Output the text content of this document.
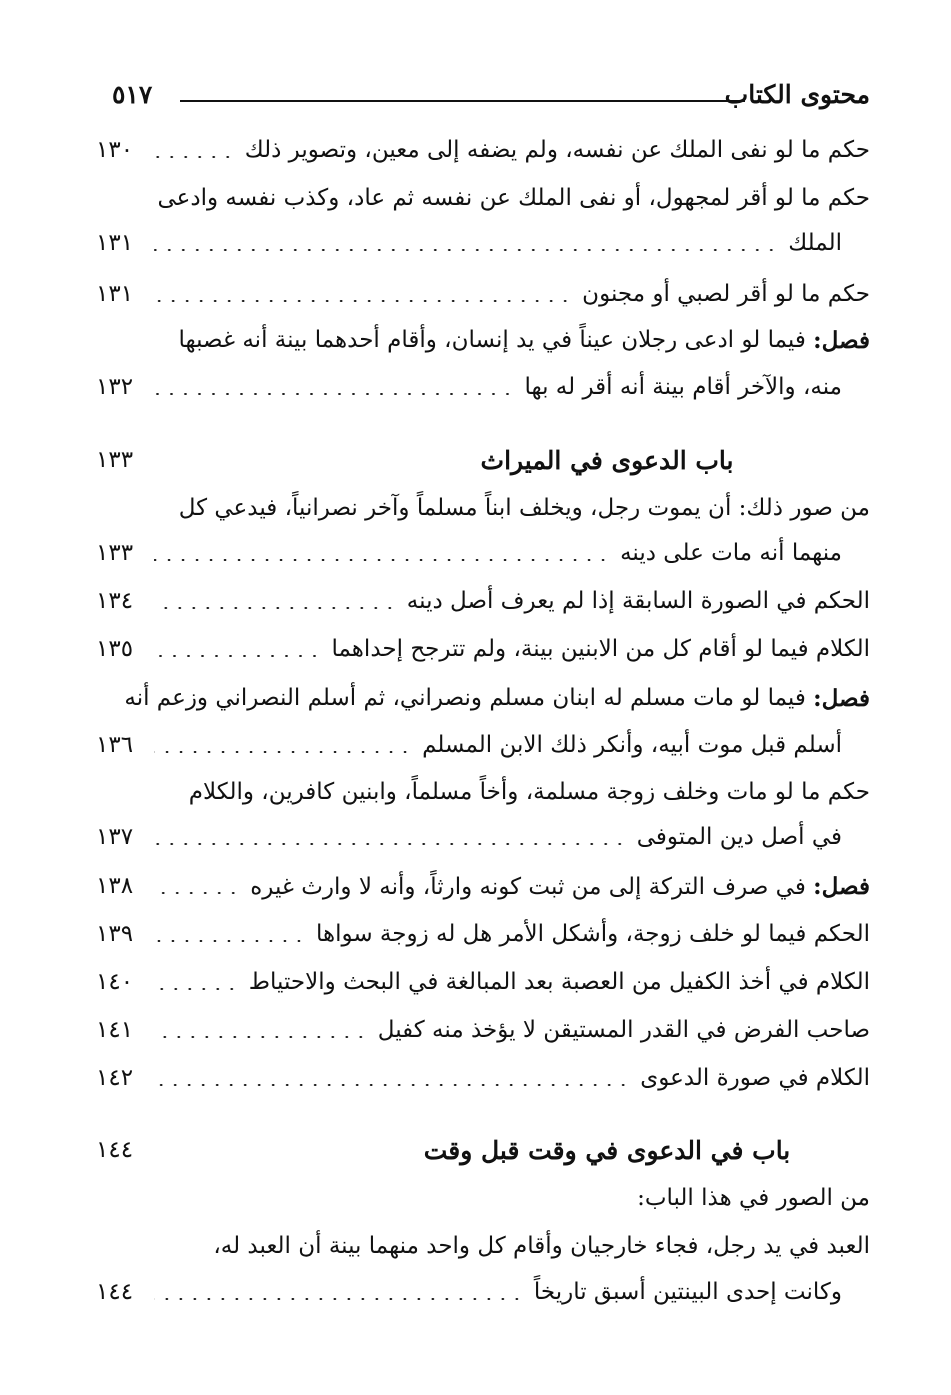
محتوى الكتاب
٥١٧
حكم ما لو نفى الملك عن نفسه، ولم يضفه إلى معين، وتصوير ذلك
١٣٠
حكم ما لو أقر لمجهول، أو نفى الملك عن نفسه ثم عاد، وكذب نفسه وادعى
الملك
١٣١
حكم ما لو أقر لصبي أو مجنون
١٣١
فصل:

فيما لو ادعى رجلان عيناً في يد إنسان، وأقام أحدهما بينة أنه غصبها
منه، والآخر أقام بينة أنه أقر له بها
١٣٢
باب الدعوى في الميراث
١٣٣
من صور ذلك: أن يموت رجل، ويخلف ابناً مسلماً وآخر نصرانياً، فيدعي كل
منهما أنه مات على دينه
١٣٣
الحكم في الصورة السابقة إذا لم يعرف أصل دينه
١٣٤
الكلام فيما لو أقام كل من الابنين بينة، ولم تترجح إحداهما
١٣٥
فصل:

فيما لو مات مسلم له ابنان مسلم ونصراني، ثم أسلم النصراني وزعم أنه
أسلم قبل موت أبيه، وأنكر ذلك الابن المسلم
١٣٦
حكم ما لو مات وخلف زوجة مسلمة، وأخاً مسلماً، وابنين كافرين، والكلام
في أصل دين المتوفى
١٣٧
فصل: في صرف التركة إلى من ثبت كونه وارثاً، وأنه لا وارث غيره
١٣٨
الحكم فيما لو خلف زوجة، وأشكل الأمر هل له زوجة سواها
١٣٩
الكلام في أخذ الكفيل من العصبة بعد المبالغة في البحث والاحتياط
١٤٠
صاحب الفرض في القدر المستيقن لا يؤخذ منه كفيل
١٤١
الكلام في صورة الدعوى
١٤٢
باب في الدعوى في وقت قبل وقت
١٤٤
من الصور في هذا الباب:
العبد في يد رجل، فجاء خارجيان وأقام كل واحد منهما بينة أن العبد له،
وكانت إحدى البينتين أسبق تاريخاً
١٤٤
